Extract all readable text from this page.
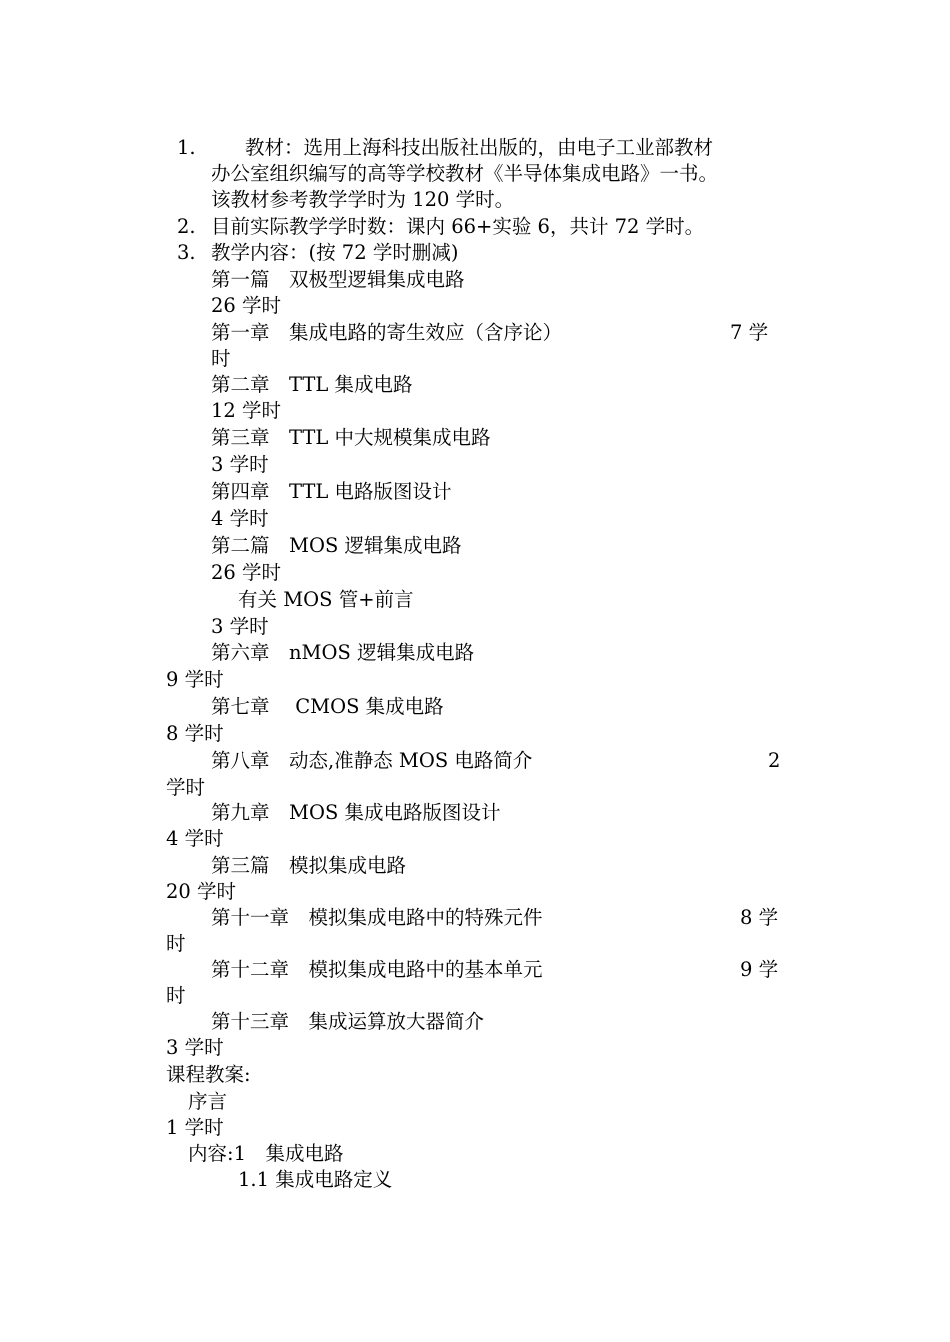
1.	教材：选用上海科技出版社出版的，由电子工业部教材
办公室组织编写的高等学校教材《半导体集成电路》一书。
该教材参考教学学时为 120 学时。
2. 目前实际教学学时数：课内 66+实验 6，共计 72 学时。
3. 教学内容：(按 72 学时删减)
第一篇　双极型逻辑集成电路
26 学时
第一章　集成电路的寄生效应（含序论）	7 学
时
第二章　TTL 集成电路
12 学时
第三章　TTL 中大规模集成电路
3 学时
第四章　TTL 电路版图设计
4 学时
第二篇　MOS 逻辑集成电路
26 学时
有关 MOS 管+前言
3 学时
第六章　nMOS 逻辑集成电路
9 学时
第七章　 CMOS 集成电路
8 学时
第八章　动态,准静态 MOS 电路简介	2
学时
第九章　MOS 集成电路版图设计
4 学时
第三篇　模拟集成电路
20 学时
第十一章　模拟集成电路中的特殊元件	8 学
时
第十二章　模拟集成电路中的基本单元	9 学
时
第十三章　集成运算放大器简介
3 学时
课程教案:
序言
1 学时
内容:1　集成电路
1.1 集成电路定义
